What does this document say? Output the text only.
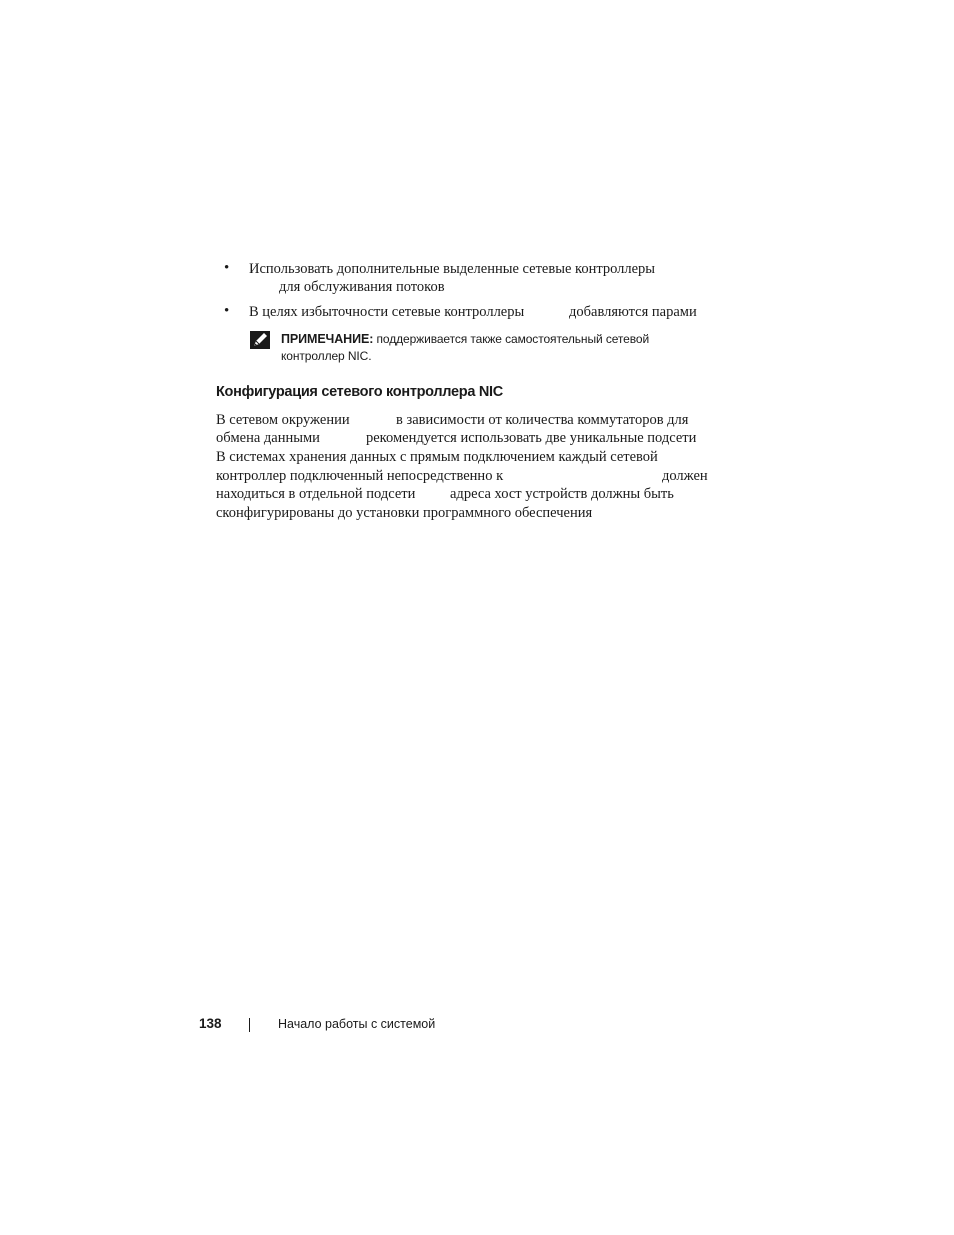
• Использовать дополнительные выделенные сетевые контроллеры
для обслуживания потоков
• В целях избыточности сетевые контроллеры	добавляются парами
ПРИМЕЧАНИЕ: поддерживается также самостоятельный сетевой
контроллер NIC.
Конфигурация сетевого контроллера NIC
В сетевом окружении	в зависимости от количества коммутаторов для
обмена данными	рекомендуется использовать две уникальные подсети
В системах хранения данных с прямым подключением каждый сетевой
контроллер подключенный непосредственно к	должен
находиться в отдельной подсети адреса хост устройств должны быть
сконфигурированы до установки программного обеспечения
138	Начало работы с системой
